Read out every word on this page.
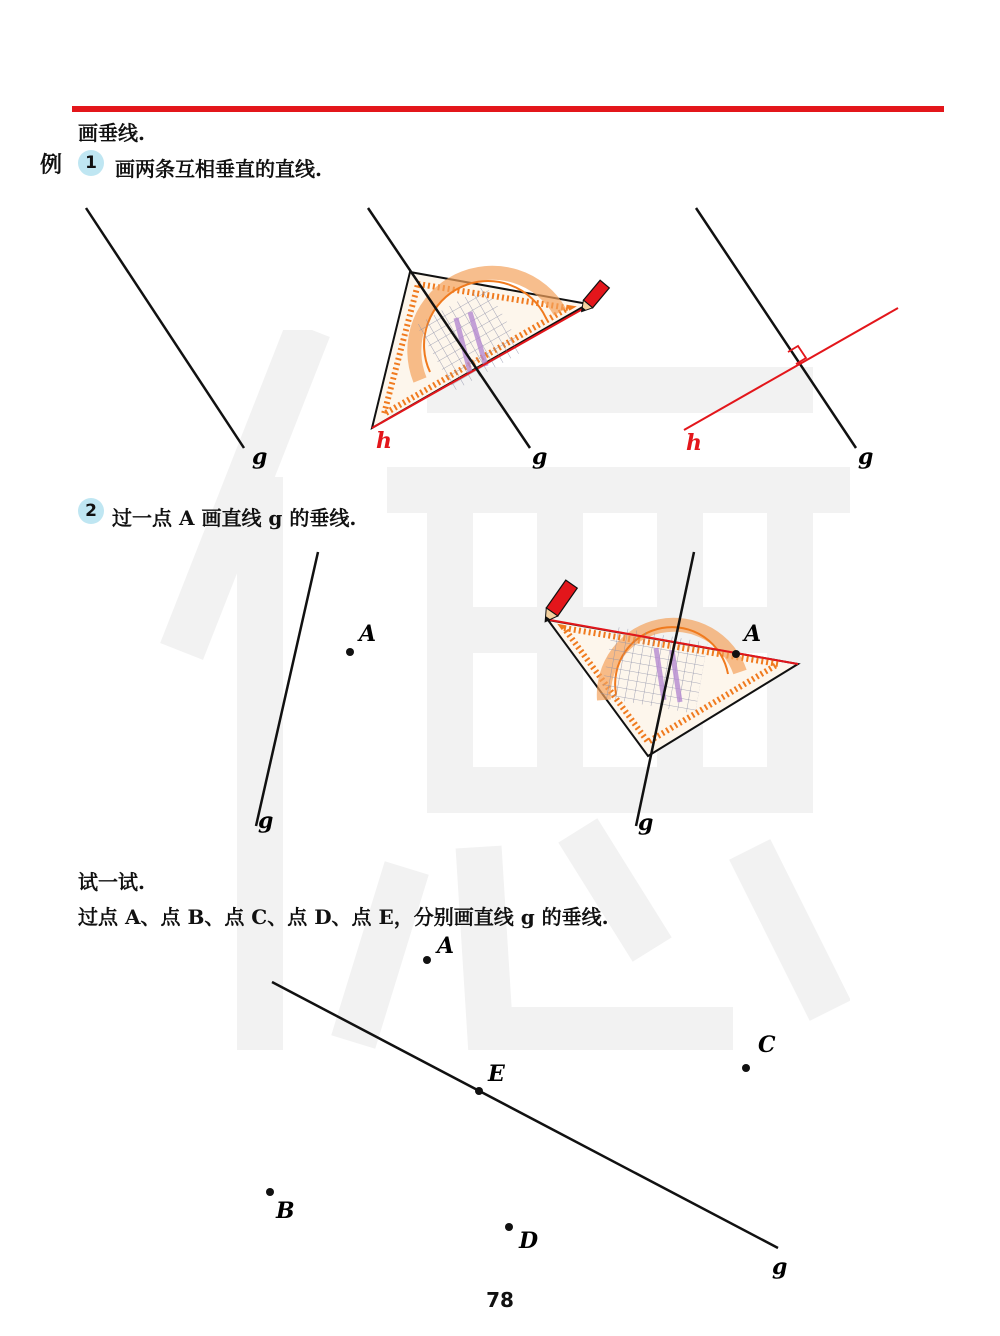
画垂线.
例	1 画两条互相垂直的直线.
2 过一点 A 画直线 g 的垂线.
试一试.
过点 A、点 B、点 C、点 D、点 E，分别画直线 g 的垂线.
g
h
g
h
g
A
g
A
g
A
C
E
B
D
g
78
